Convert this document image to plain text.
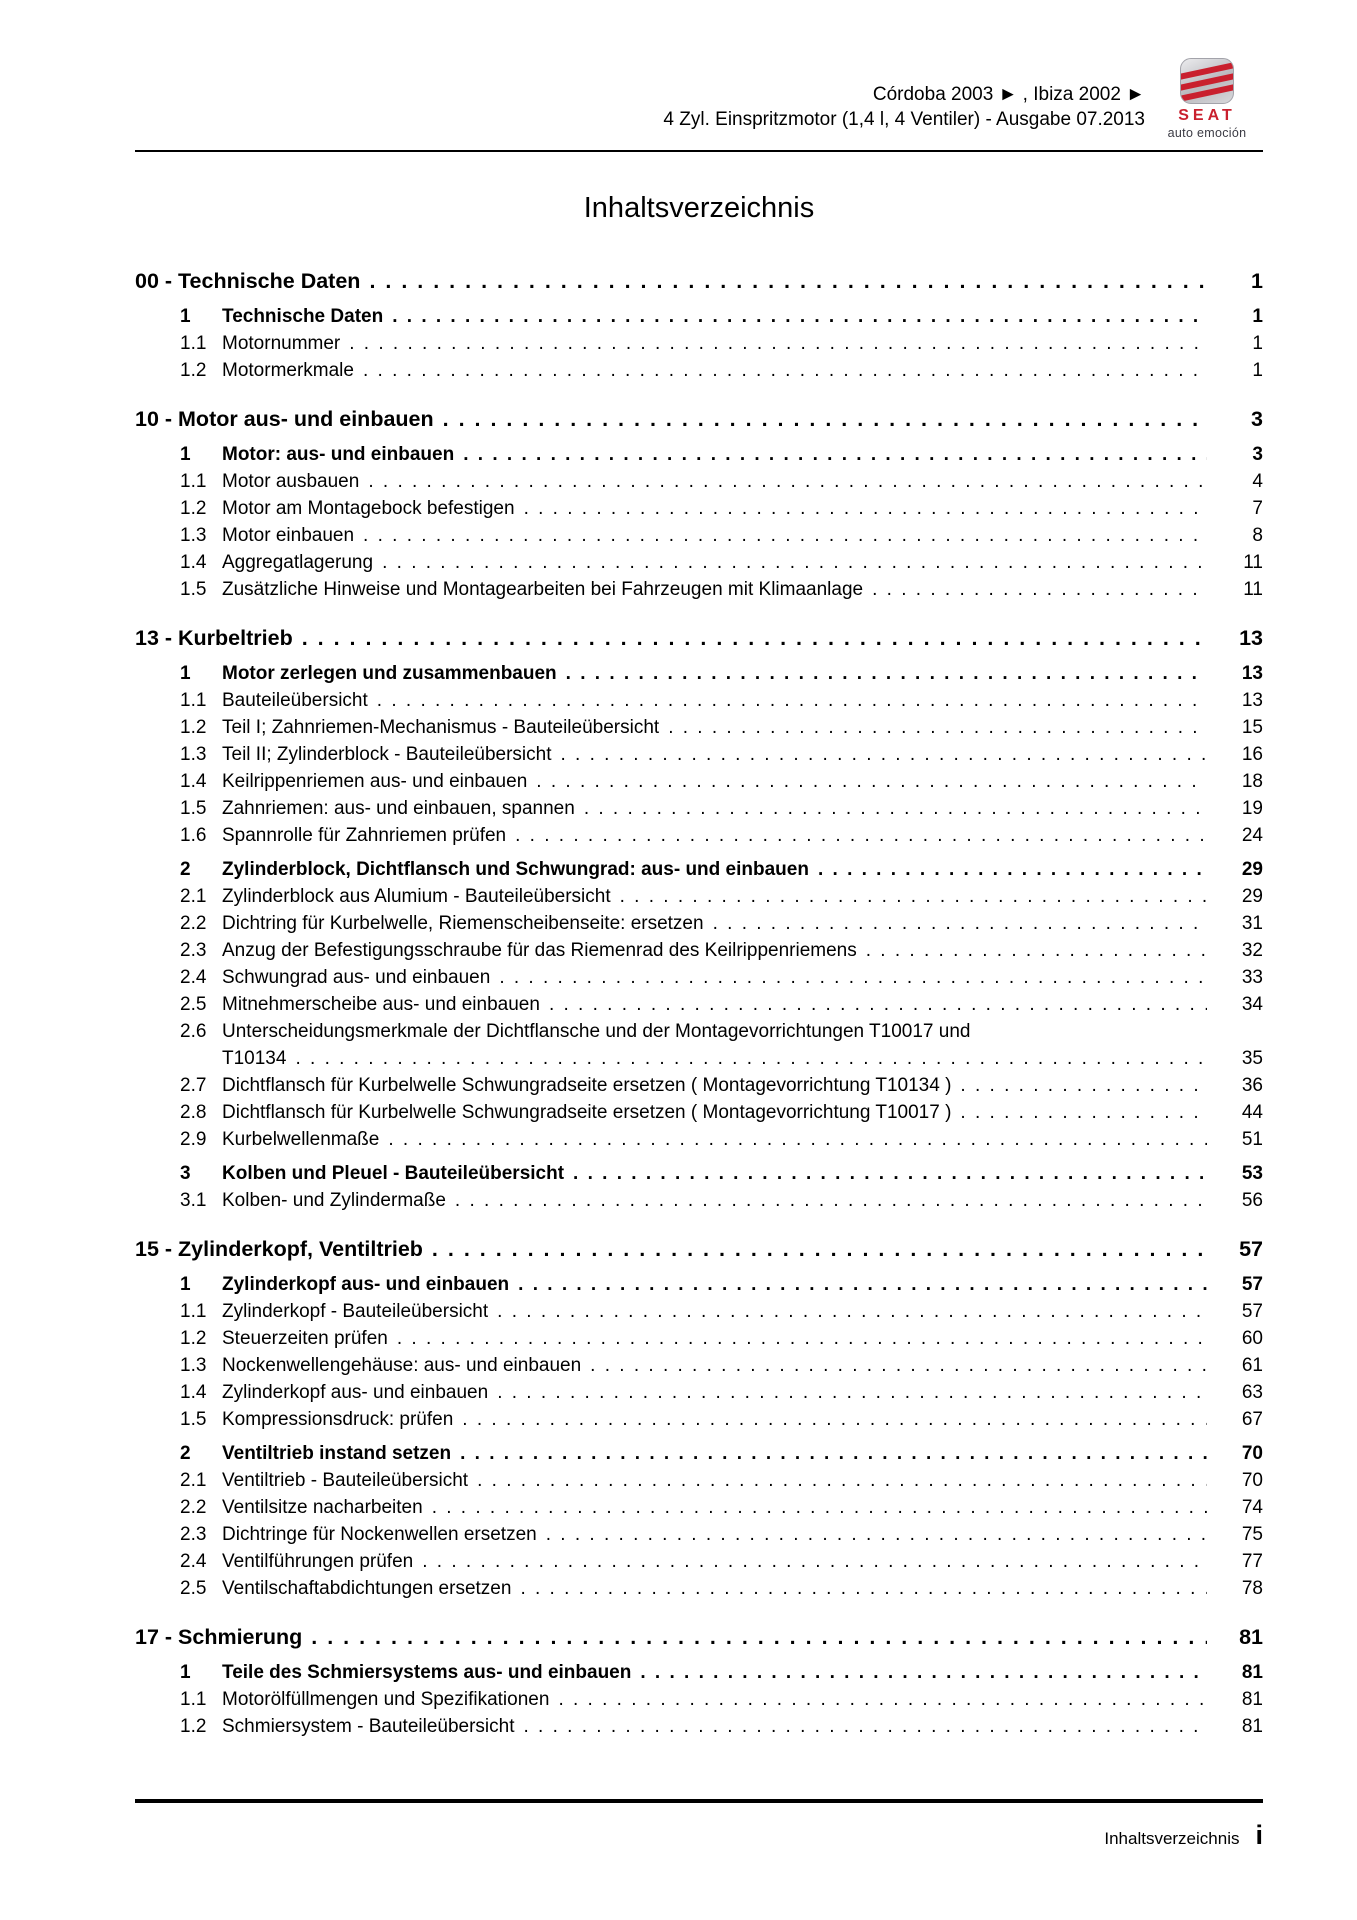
Córdoba 2003 ► , Ibiza 2002 ►
4 Zyl. Einspritzmotor (1,4 l, 4 Ventiler) - Ausgabe 07.2013 SEAT
auto emoción
Inhaltsverzeichnis
00 - Technische Daten . . .	1
1	Technische Daten . . .	1
1.1 Motornummer . . .	1
1.2 Motormerkmale . . .	1
10 - Motor aus- und einbauen . . .	3
1	Motor: aus- und einbauen . . .	3
1.1 Motor ausbauen . . .	4
1.2 Motor am Montagebock befestigen . . .	7
1.3 Motor einbauen . . .	8
1.4 Aggregatlagerung . . .	11
1.5 Zusätzliche Hinweise und Montagearbeiten bei Fahrzeugen mit Klimaanlage . . .	11
13 - Kurbeltrieb . . .	13
1	Motor zerlegen und zusammenbauen . . .	13
1.1 Bauteileübersicht . . .	13
1.2 Teil I; Zahnriemen-Mechanismus - Bauteileübersicht . . .	15
1.3 Teil II; Zylinderblock - Bauteileübersicht . . .	16
1.4 Keilrippenriemen aus- und einbauen . . .	18
1.5 Zahnriemen: aus- und einbauen, spannen . . .	19
1.6 Spannrolle für Zahnriemen prüfen . . .	24
2	Zylinderblock, Dichtflansch und Schwungrad: aus- und einbauen . . .	29
2.1 Zylinderblock aus Alumium - Bauteileübersicht . . .	29
2.2 Dichtring für Kurbelwelle, Riemenscheibenseite: ersetzen . . .	31
2.3 Anzug der Befestigungsschraube für das Riemenrad des Keilrippenriemens . . .	32
2.4 Schwungrad aus- und einbauen . . .	33
2.5 Mitnehmerscheibe aus- und einbauen . . .	34
2.6 Unterscheidungsmerkmale der Dichtflansche und der Montagevorrichtungen T10017 und
T10134 . . .	35
2.7 Dichtflansch für Kurbelwelle Schwungradseite ersetzen ( Montagevorrichtung T10134 ) . . .	36
2.8 Dichtflansch für Kurbelwelle Schwungradseite ersetzen ( Montagevorrichtung T10017 ) . . .	44
2.9 Kurbelwellenmaße . . .	51
3	Kolben und Pleuel - Bauteileübersicht . . .	53
3.1 Kolben- und Zylindermaße . . .	56
15 - Zylinderkopf, Ventiltrieb . . .	57
1	Zylinderkopf aus- und einbauen . . .	57
1.1 Zylinderkopf - Bauteileübersicht . . .	57
1.2 Steuerzeiten prüfen . . .	60
1.3 Nockenwellengehäuse: aus- und einbauen . . .	61
1.4 Zylinderkopf aus- und einbauen . . .	63
1.5 Kompressionsdruck: prüfen . . .	67
2	Ventiltrieb instand setzen . . .	70
2.1 Ventiltrieb - Bauteileübersicht . . .	70
2.2 Ventilsitze nacharbeiten . . .	74
2.3 Dichtringe für Nockenwellen ersetzen . . .	75
2.4 Ventilführungen prüfen . . .	77
2.5 Ventilschaftabdichtungen ersetzen . . .	78
17 - Schmierung . . .	81
1	Teile des Schmiersystems aus- und einbauen . . .	81
1.1 Motorölfüllmengen und Spezifikationen . . .	81
1.2 Schmiersystem - Bauteileübersicht . . .	81
Inhaltsverzeichnis i
